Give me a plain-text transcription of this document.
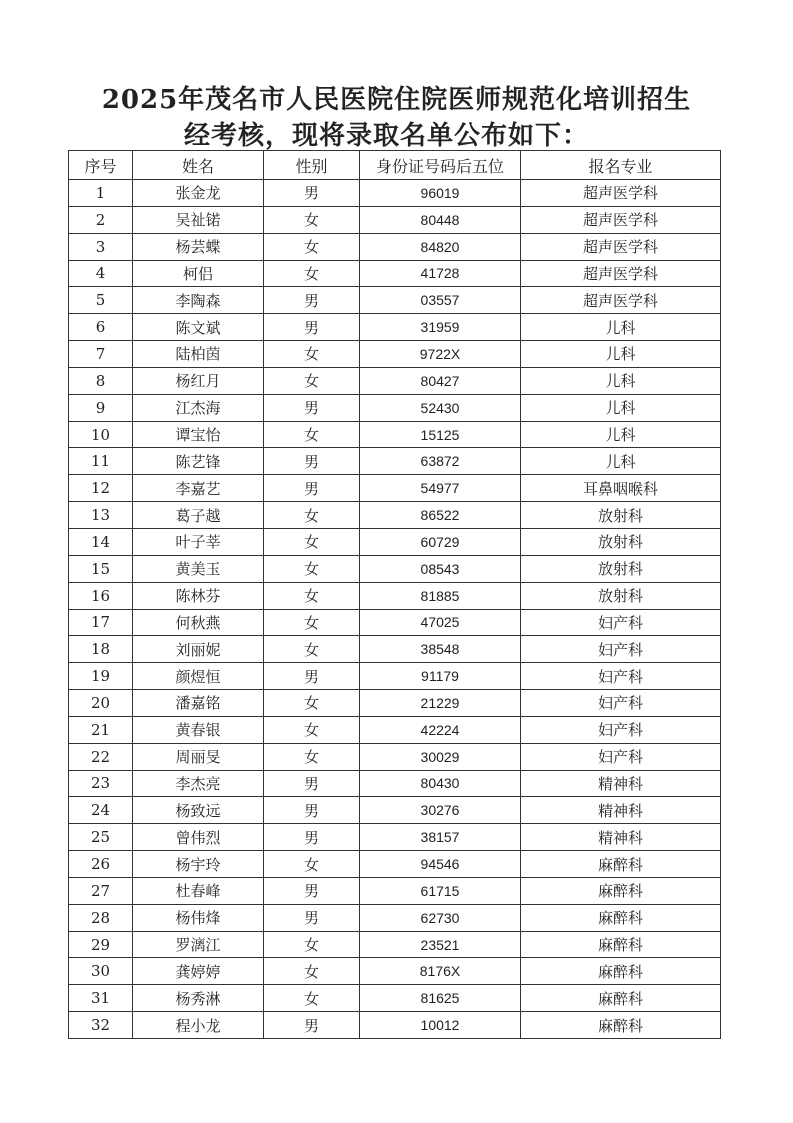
2025年茂名市人民医院住院医师规范化培训招生
经考核，现将录取名单公布如下：
序号	姓名	性别	身份证号码后五位	报名专业
1	张金龙	男	96019	超声医学科
2	吴祉锘	女	80448	超声医学科
3	杨芸蝶	女	84820	超声医学科
4	柯侣	女	41728	超声医学科
5	李陶森	男	03557	超声医学科
6	陈文斌	男	31959	儿科
7	陆柏茵	女	9722X	儿科
8	杨红月	女	80427	儿科
9	江杰海	男	52430	儿科
10	谭宝怡	女	15125	儿科
11	陈艺锋	男	63872	儿科
12	李嘉艺	男	54977	耳鼻咽喉科
13	葛子越	女	86522	放射科
14	叶子莘	女	60729	放射科
15	黄美玉	女	08543	放射科
16	陈林芬	女	81885	放射科
17	何秋燕	女	47025	妇产科
18	刘丽妮	女	38548	妇产科
19	颜煜恒	男	91179	妇产科
20	潘嘉铭	女	21229	妇产科
21	黄春银	女	42224	妇产科
22	周丽旻	女	30029	妇产科
23	李杰亮	男	80430	精神科
24	杨致远	男	30276	精神科
25	曾伟烈	男	38157	精神科
26	杨宇玲	女	94546	麻醉科
27	杜春峰	男	61715	麻醉科
28	杨伟烽	男	62730	麻醉科
29	罗漓江	女	23521	麻醉科
30	龚婷婷	女	8176X	麻醉科
31	杨秀淋	女	81625	麻醉科
32	程小龙	男	10012	麻醉科
